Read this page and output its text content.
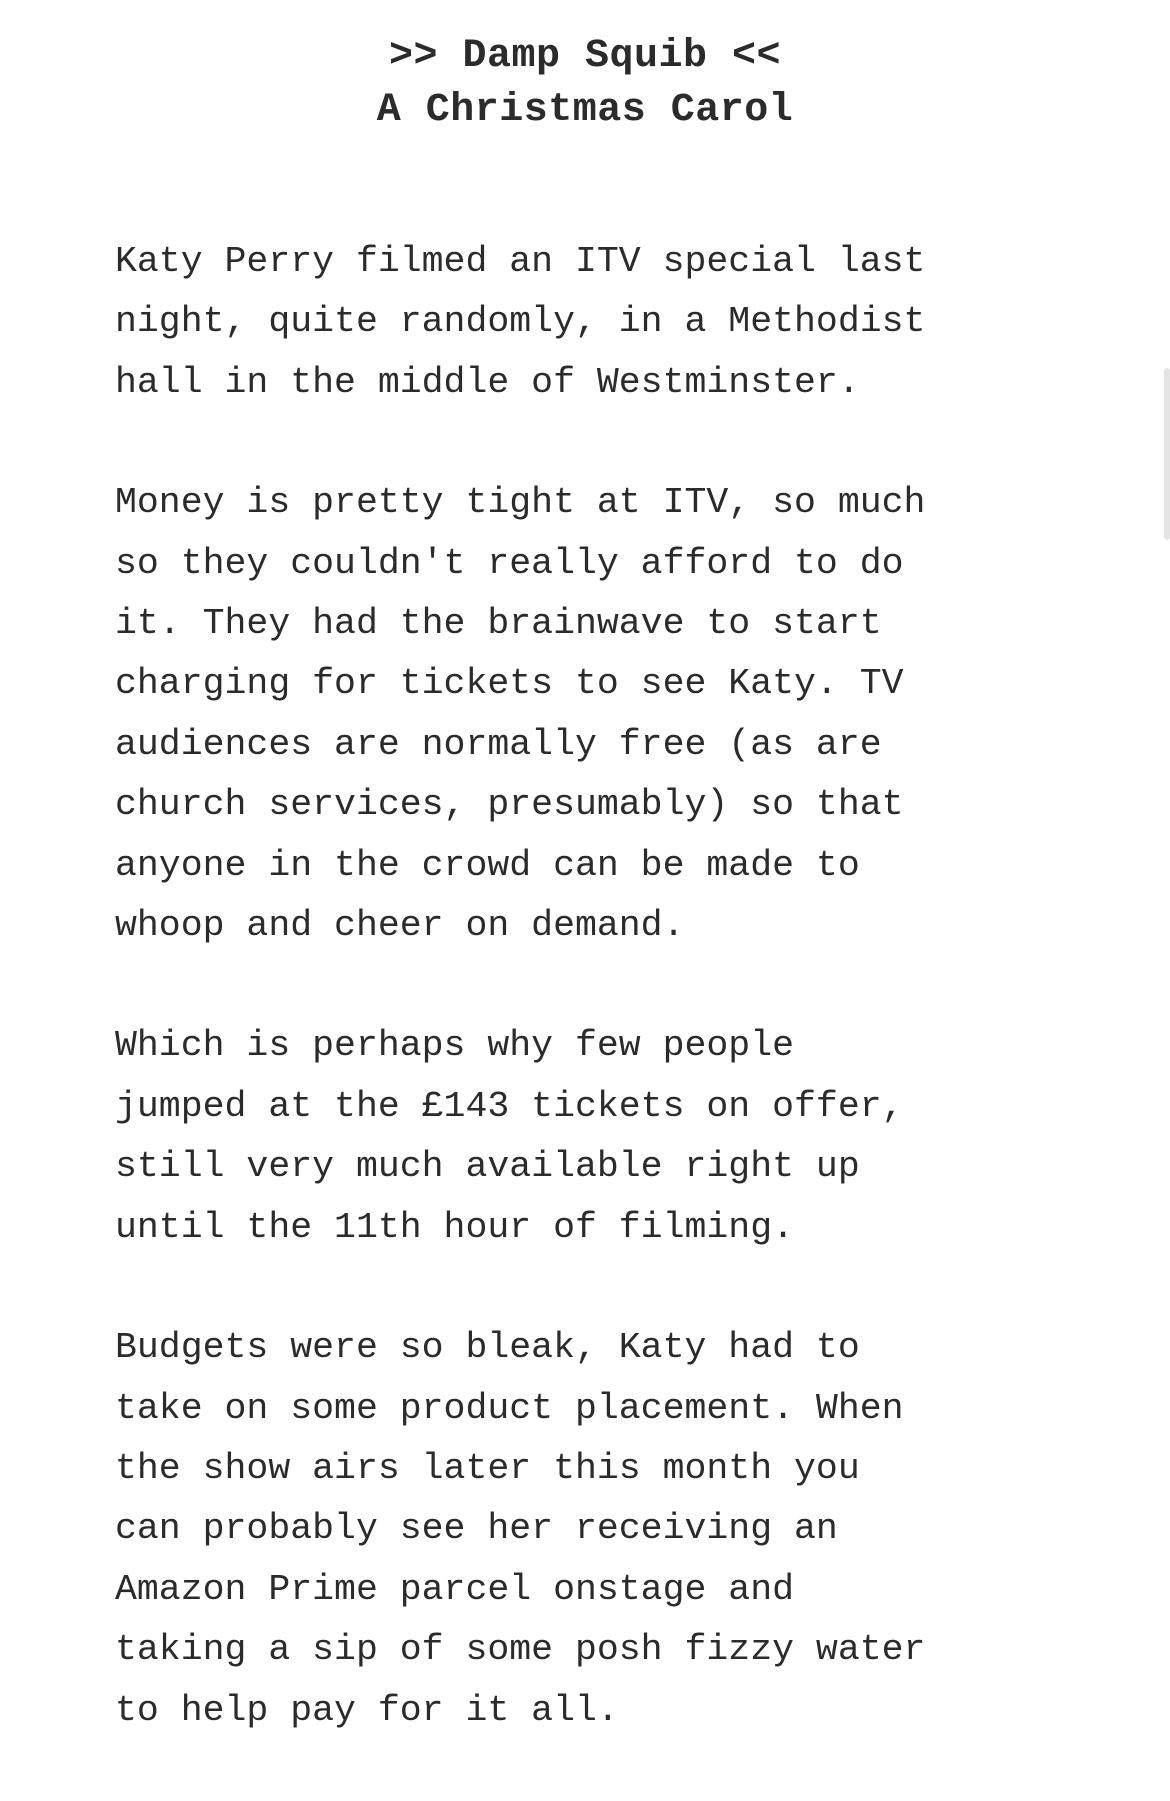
>> Damp Squib <<
A Christmas Carol

Katy Perry filmed an ITV special last
night, quite randomly, in a Methodist
hall in the middle of Westminster.

Money is pretty tight at ITV, so much
so they couldn't really afford to do
it. They had the brainwave to start
charging for tickets to see Katy. TV
audiences are normally free (as are
church services, presumably) so that
anyone in the crowd can be made to
whoop and cheer on demand.

Which is perhaps why few people
jumped at the £143 tickets on offer,
still very much available right up
until the 11th hour of filming.

Budgets were so bleak, Katy had to
take on some product placement. When
the show airs later this month you
can probably see her receiving an
Amazon Prime parcel onstage and
taking a sip of some posh fizzy water
to help pay for it all.
